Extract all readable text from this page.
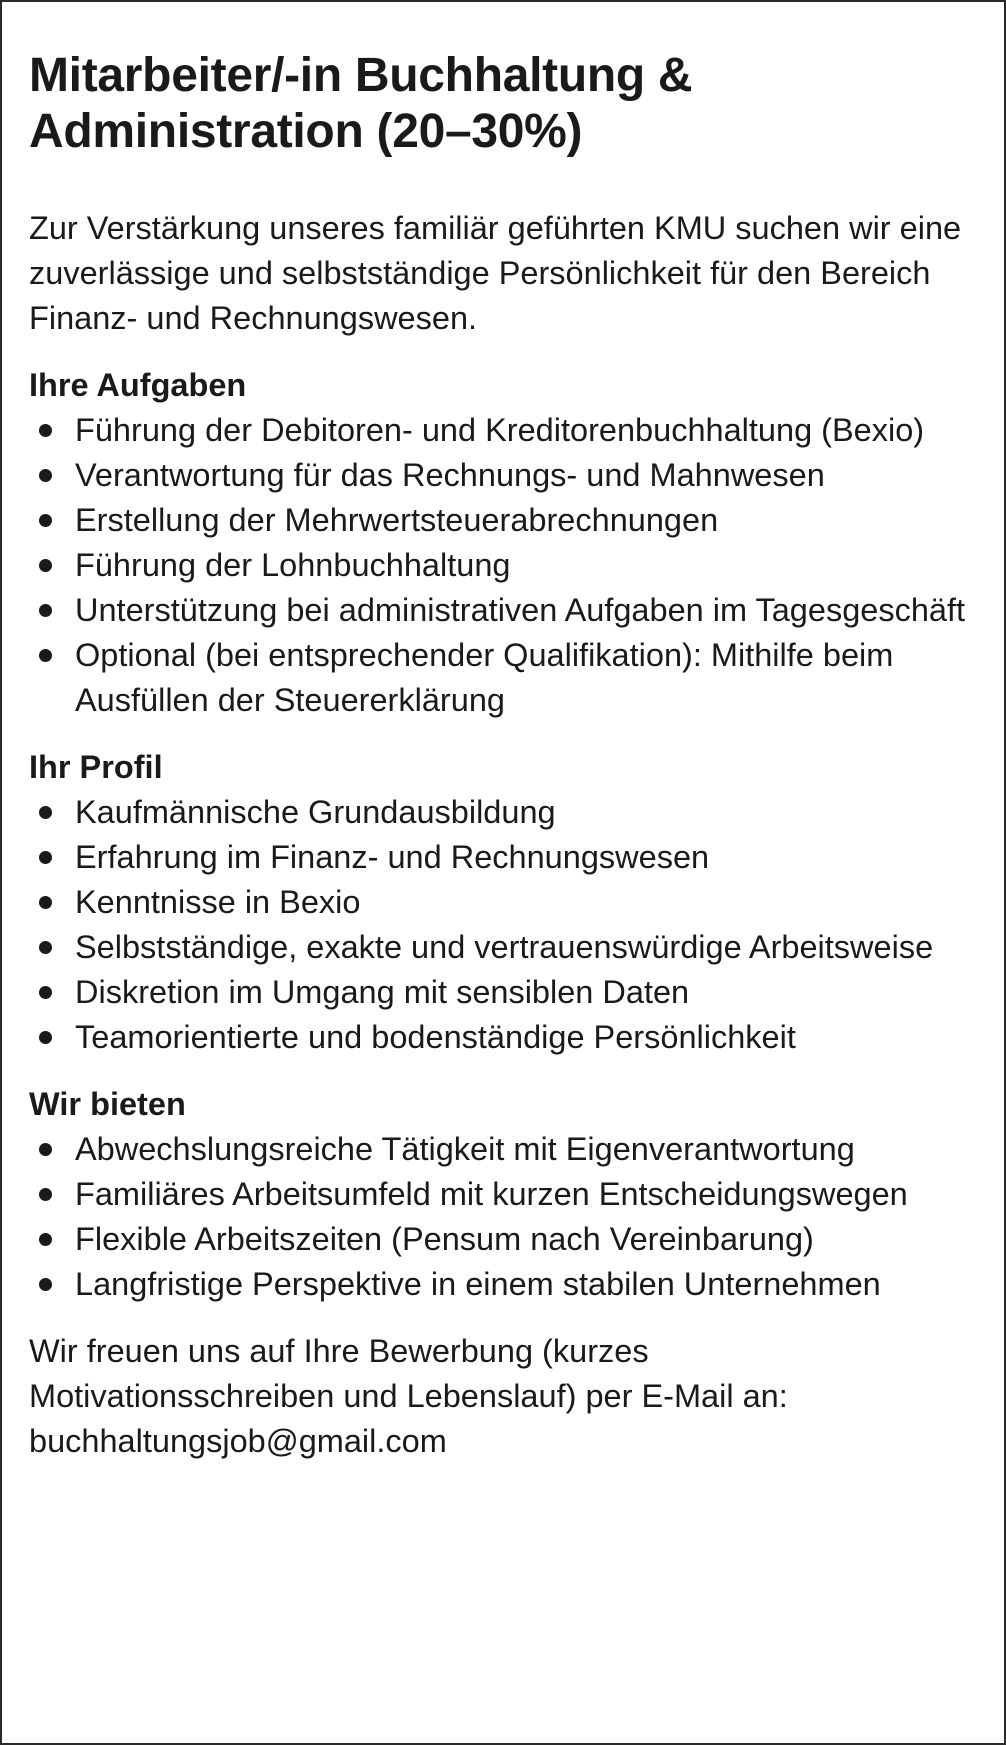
Mitarbeiter/-in Buchhaltung &
Administration (20–30%)

Zur Verstärkung unseres familiär geführten KMU suchen wir eine zuverlässige und selbstständige Persönlichkeit für den Bereich Finanz- und Rechnungswesen.

Ihre Aufgaben
Führung der Debitoren- und Kreditorenbuchhaltung (Bexio)
Verantwortung für das Rechnungs- und Mahnwesen
Erstellung der Mehrwertsteuerabrechnungen
Führung der Lohnbuchhaltung
Unterstützung bei administrativen Aufgaben im Tagesgeschäft
Optional (bei entsprechender Qualifikation): Mithilfe beim Ausfüllen der Steuererklärung
Ihr Profil
Kaufmännische Grundausbildung
Erfahrung im Finanz- und Rechnungswesen
Kenntnisse in Bexio
Selbstständige, exakte und vertrauenswürdige Arbeitsweise
Diskretion im Umgang mit sensiblen Daten
Teamorientierte und bodenständige Persönlichkeit
Wir bieten
Abwechslungsreiche Tätigkeit mit Eigenverantwortung
Familiäres Arbeitsumfeld mit kurzen Entscheidungswegen
Flexible Arbeitszeiten (Pensum nach Vereinbarung)
Langfristige Perspektive in einem stabilen Unternehmen
Wir freuen uns auf Ihre Bewerbung (kurzes
Motivationsschreiben und Lebenslauf) per E-Mail an:
buchhaltungsjob@gmail.com
